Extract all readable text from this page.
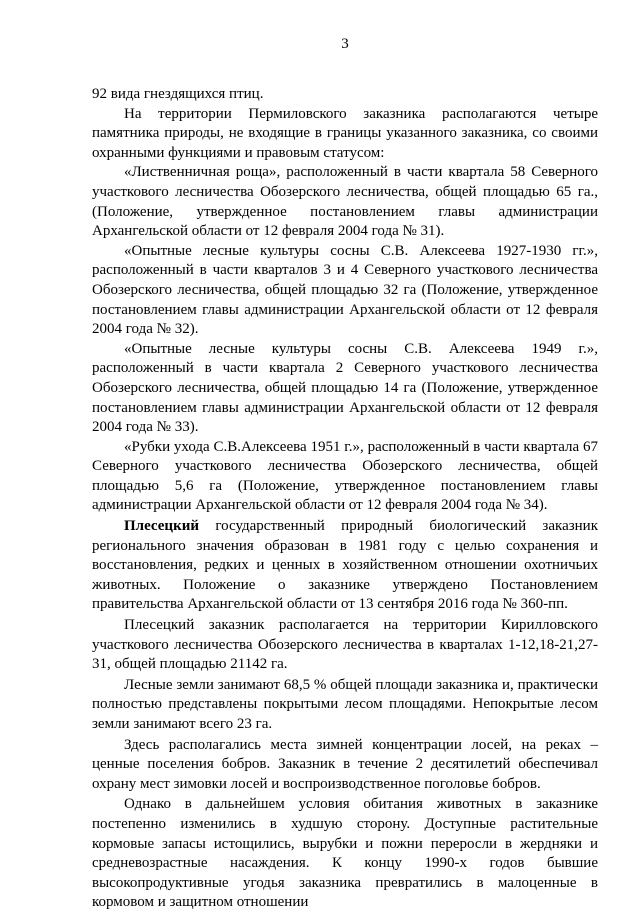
3

92 вида гнездящихся птиц.

На территории Пермиловского заказника располагаются четыре памятника природы, не входящие в границы указанного заказника, со своими охранными функциями и правовым статусом:

«Лиственничная роща», расположенный в части квартала 58 Северного участкового лесничества Обозерского лесничества, общей площадью 65 га., (Положение, утвержденное постановлением главы администрации Архангельской области от 12 февраля 2004 года № 31).

«Опытные лесные культуры сосны С.В. Алексеева 1927-1930 гг.», расположенный в части кварталов 3 и 4 Северного участкового лесничества Обозерского лесничества, общей площадью 32 га (Положение, утвержденное постановлением главы администрации Архангельской области от 12 февраля 2004 года № 32).

«Опытные лесные культуры сосны С.В. Алексеева 1949 г.», расположенный в части квартала 2 Северного участкового лесничества Обозерского лесничества, общей площадью 14 га (Положение, утвержденное постановлением главы администрации Архангельской области от 12 февраля 2004 года № 33).

«Рубки ухода С.В.Алексеева 1951 г.», расположенный в части квартала 67 Северного участкового лесничества Обозерского лесничества, общей площадью 5,6 га (Положение, утвержденное постановлением главы администрации Архангельской области от 12 февраля 2004 года № 34).

Плесецкий государственный природный биологический заказник регионального значения образован в 1981 году с целью сохранения и восстановления, редких и ценных в хозяйственном отношении охотничьих животных. Положение о заказнике утверждено Постановлением правительства Архангельской области от 13 сентября 2016 года № 360-пп.

Плесецкий заказник располагается на территории Кирилловского участкового лесничества Обозерского лесничества в кварталах 1-12,18-21,27-31, общей площадью 21142 га.

Лесные земли занимают 68,5 % общей площади заказника и, практически полностью представлены покрытыми лесом площадями. Непокрытые лесом земли занимают всего 23 га.

Здесь располагались места зимней концентрации лосей, на реках – ценные поселения бобров. Заказник в течение 2 десятилетий обеспечивал охрану мест зимовки лосей и воспроизводственное поголовье бобров.

Однако в дальнейшем условия обитания животных в заказнике постепенно изменились в худшую сторону. Доступные растительные кормовые запасы истощились, вырубки и пожни переросли в жердняки и средневозрастные насаждения. К концу 1990-х годов бывшие высокопродуктивные угодья заказника превратились в малоценные в кормовом и защитном отношении
